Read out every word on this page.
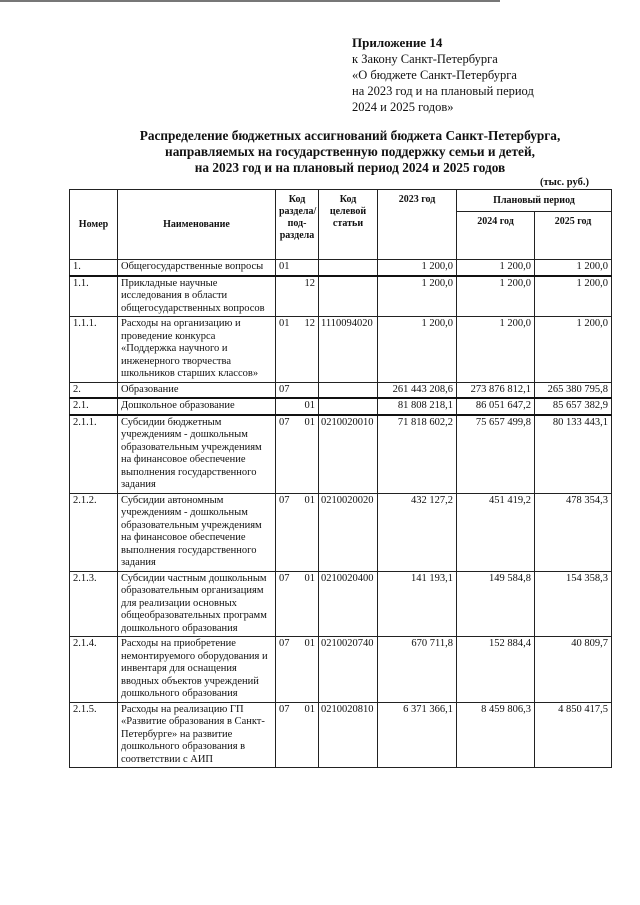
Приложение 14
к Закону Санкт-Петербурга
«О бюджете Санкт-Петербурга
на 2023 год и на плановый период
2024 и 2025 годов»
Распределение бюджетных ассигнований бюджета Санкт-Петербурга,
направляемых на государственную поддержку семьи и детей,
на 2023 год и на плановый период 2024 и 2025 годов
(тыс. руб.)
Номер	Наименование	Код раздела/ под-раздела	Код целевой статьи	2023 год	Плановый период	
					2024 год	2025 год
1.	Общегосударственные вопросы	01		1 200,0	1 200,0	1 200,0
1.1.	Прикладные научные исследования в области общегосударственных вопросов	12		1 200,0	1 200,0	1 200,0
1.1.1.	Расходы на организацию и проведение конкурса «Поддержка научного и инженерного творчества школьников старших классов»	01 12	1110094020	1 200,0	1 200,0	1 200,0
2.	Образование	07		261 443 208,6	273 876 812,1	265 380 795,8
2.1.	Дошкольное образование	01		81 808 218,1	86 051 647,2	85 657 382,9
2.1.1.	Субсидии бюджетным учреждениям - дошкольным образовательным учреждениям на финансовое обеспечение выполнения государственного задания	07 01	0210020010	71 818 602,2	75 657 499,8	80 133 443,1
2.1.2.	Субсидии автономным учреждениям - дошкольным образовательным учреждениям на финансовое обеспечение выполнения государственного задания	07 01	0210020020	432 127,2	451 419,2	478 354,3
2.1.3.	Субсидии частным дошкольным образовательным организациям для реализации основных общеобразовательных программ дошкольного образования	07 01	0210020400	141 193,1	149 584,8	154 358,3
2.1.4.	Расходы на приобретение немонтируемого оборудования и инвентаря для оснащения вводных объектов учреждений дошкольного образования	07 01	0210020740	670 711,8	152 884,4	40 809,7
2.1.5.	Расходы на реализацию ГП «Развитие образования в Санкт-Петербурге» на развитие дошкольного образования в соответствии с АИП	07 01	0210020810	6 371 366,1	8 459 806,3	4 850 417,5
